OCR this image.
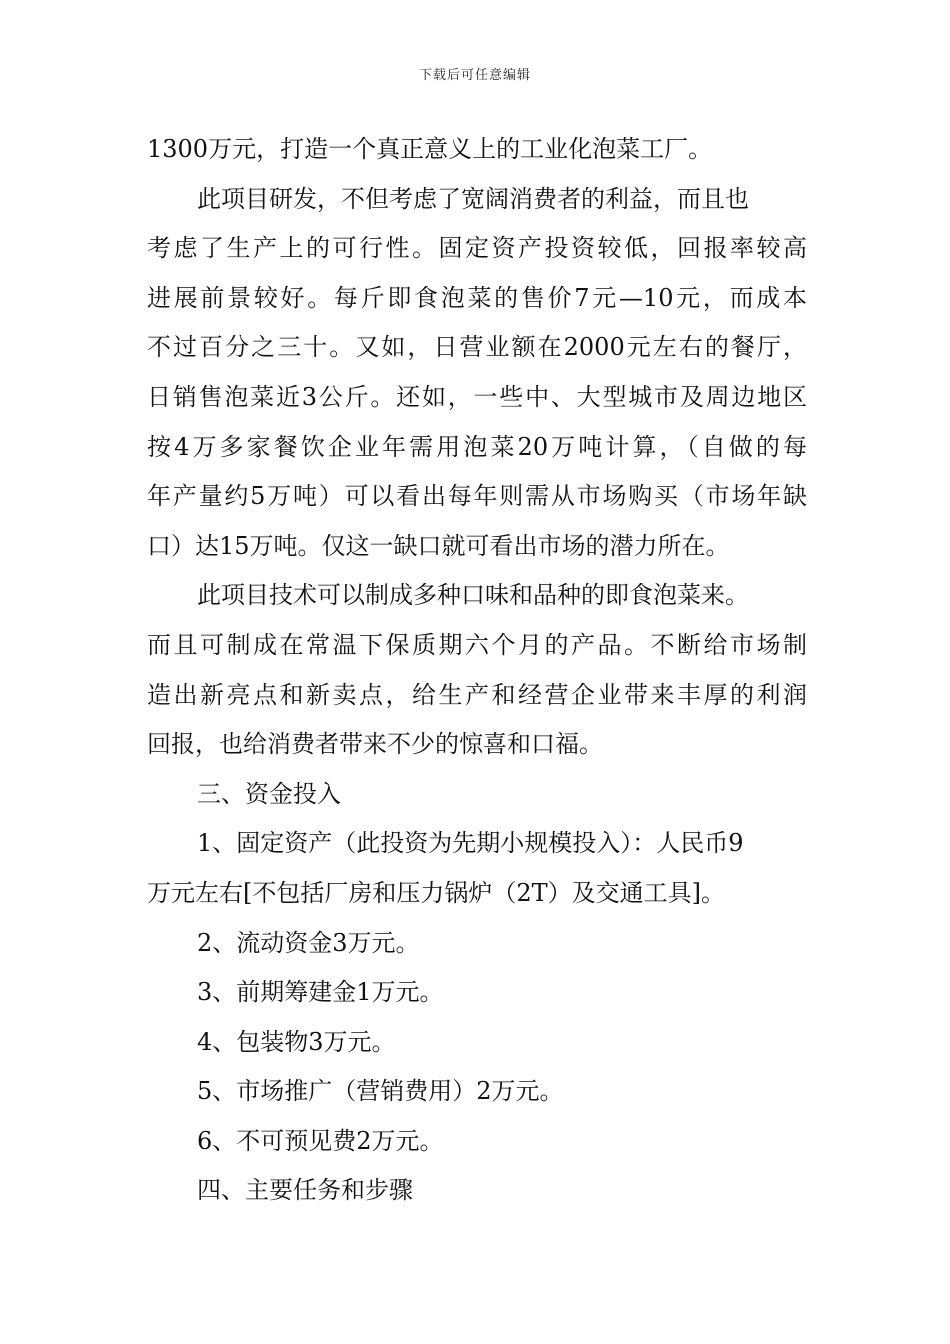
下载后可任意编辑
1300万元，打造一个真正意义上的工业化泡菜工厂。
此项目研发，不但考虑了宽阔消费者的利益，而且也
考虑了生产上的可行性。固定资产投资较低，回报率较高
进展前景较好。每斤即食泡菜的售价7元—10元，而成本
不过百分之三十。又如，日营业额在2000元左右的餐厅，
日销售泡菜近3公斤。还如，一些中、大型城市及周边地区
按4万多家餐饮企业年需用泡菜20万吨计算，（自做的每
年产量约5万吨）可以看出每年则需从市场购买（市场年缺
口）达15万吨。仅这一缺口就可看出市场的潜力所在。
此项目技术可以制成多种口味和品种的即食泡菜来。
而且可制成在常温下保质期六个月的产品。不断给市场制
造出新亮点和新卖点，给生产和经营企业带来丰厚的利润
回报，也给消费者带来不少的惊喜和口福。
三、资金投入
1、固定资产（此投资为先期小规模投入）：人民币9
万元左右[不包括厂房和压力锅炉（2T）及交通工具]。
2、流动资金3万元。
3、前期筹建金1万元。
4、包装物3万元。
5、市场推广（营销费用）2万元。
6、不可预见费2万元。
四、主要任务和步骤
